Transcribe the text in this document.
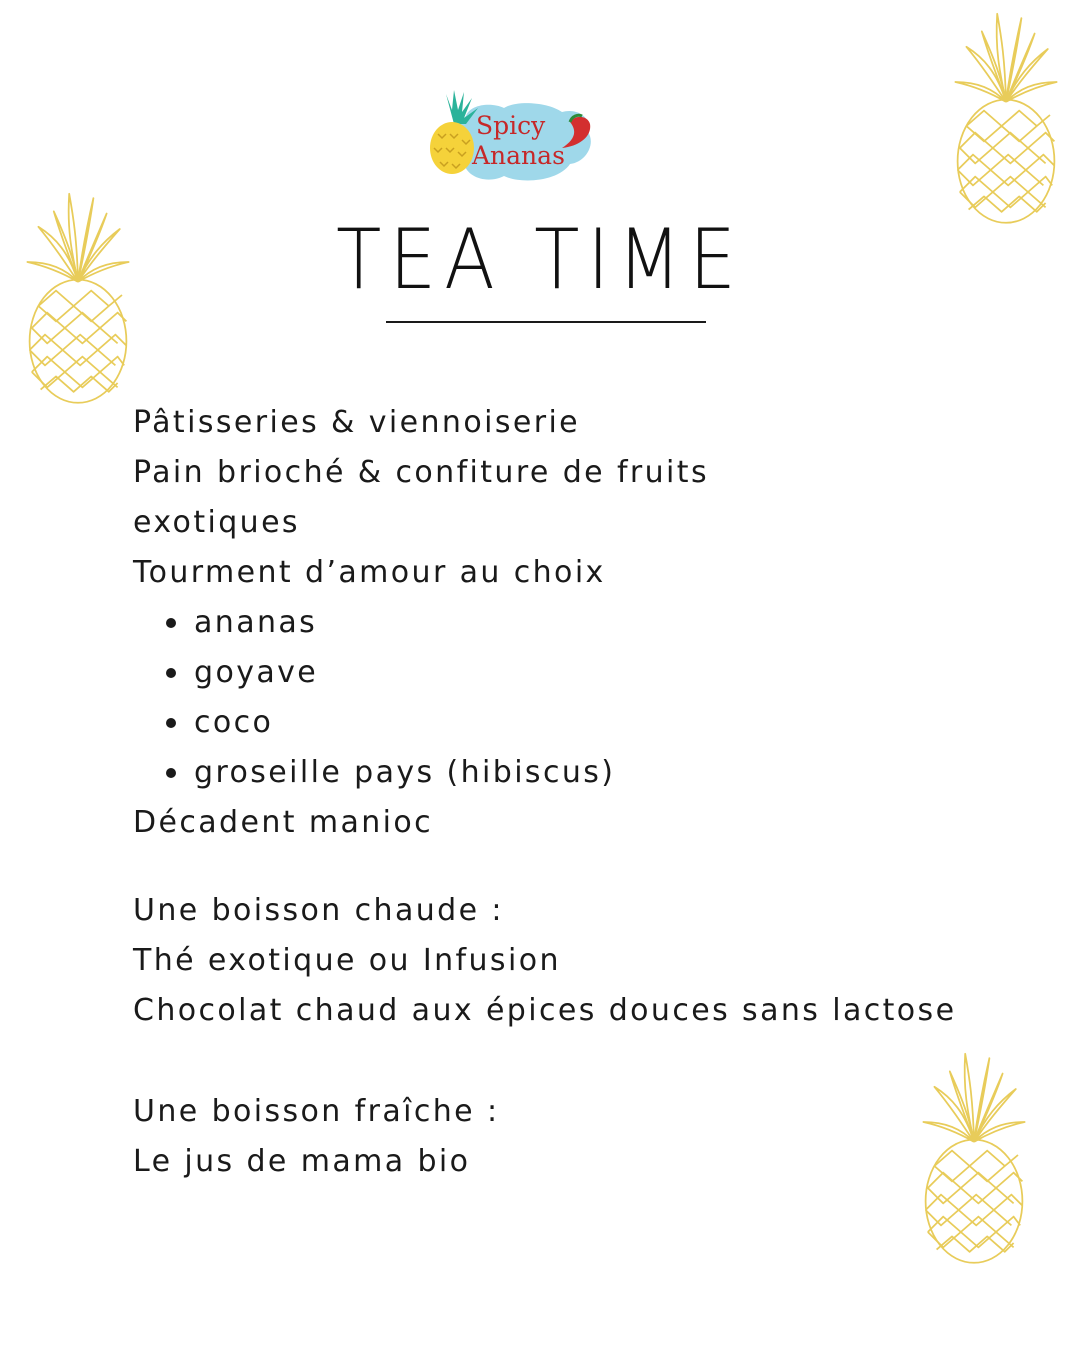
Spicy
Ananas
TEA TIME
Pâtisseries & viennoiserie
Pain brioché & confiture de fruits
exotiques
Tourment d’amour au choix
ananas
goyave
coco
groseille pays (hibiscus)
Décadent manioc
Une boisson chaude :
Thé exotique ou Infusion
Chocolat chaud aux épices douces sans lactose
Une boisson fraîche :
Le jus de mama bio
